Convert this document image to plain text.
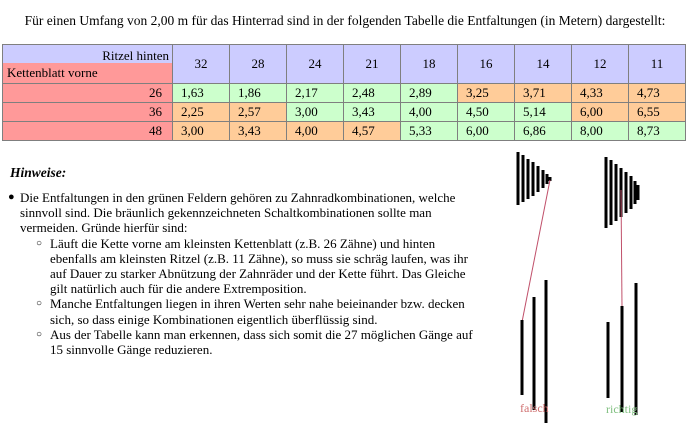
Für einen Umfang von 2,00 m für das Hinterrad sind in der folgenden Tabelle die Entfaltungen (in Metern) dargestellt:
Ritzel hinten
Kettenblatt vorne	32	28	24	21	18	16	14	12	11
26	1,63	1,86	2,17	2,48	2,89	3,25	3,71	4,33	4,73
36	2,25	2,57	3,00	3,43	4,00	4,50	5,14	6,00	6,55
48	3,00	3,43	4,00	4,57	5,33	6,00	6,86	8,00	8,73
Hinweise:
● Die Entfaltungen in den grünen Feldern gehören zu Zahnradkombinationen, welche sinnvoll sind. Die bräunlich gekennzeichneten Schaltkombinationen sollte man vermeiden. Gründe hierfür sind:
○ Läuft die Kette vorne am kleinsten Kettenblatt (z.B. 26 Zähne) und hinten ebenfalls am kleinsten Ritzel (z.B. 11 Zähne), so muss sie schräg laufen, was ihr auf Dauer zu starker Abnützung der Zahnräder und der Kette führt. Das Gleiche gilt natürlich auch für die andere Extremposition.
○ Manche Entfaltungen liegen in ihren Werten sehr nahe beieinander bzw. decken sich, so dass einige Kombinationen eigentlich überflüssig sind.
○ Aus der Tabelle kann man erkennen, dass sich somit die 27 möglichen Gänge auf 15 sinnvolle Gänge reduzieren.
falsch	richtig
